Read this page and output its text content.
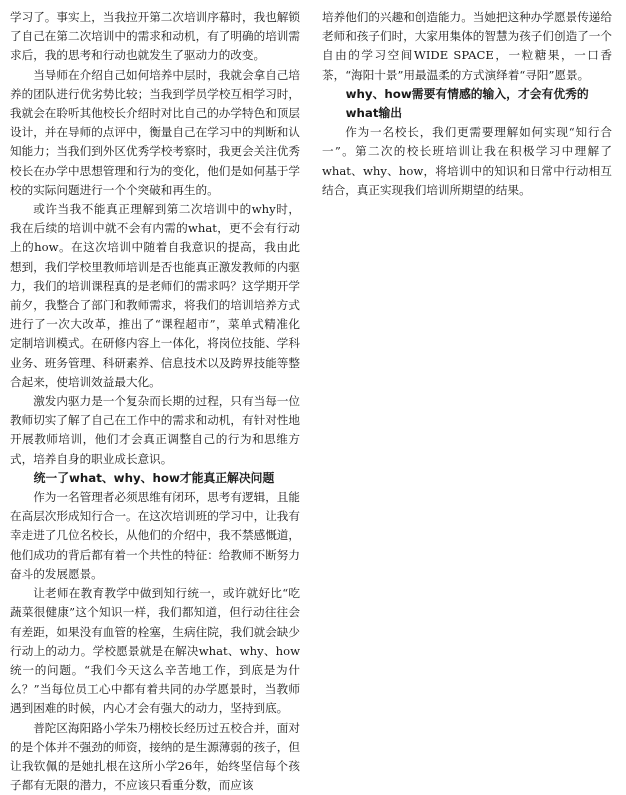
学习了。事实上，当我拉开第二次培训序幕时，我也解锁了自己在第二次培训中的需求和动机，有了明确的培训需求后，我的思考和行动也就发生了驱动力的改变。

当导师在介绍自己如何培养中层时，我就会拿自己培养的团队进行优劣势比较；当我到学员学校互相学习时，我就会在聆听其他校长介绍时对比自己的办学特色和顶层设计，并在导师的点评中，衡量自己在学习中的判断和认知能力；当我们到外区优秀学校考察时，我更会关注优秀校长在办学中思想管理和行为的变化，他们是如何基于学校的实际问题进行一个个突破和再生的。

或许当我不能真正理解到第二次培训中的why时，我在后续的培训中就不会有内需的what，更不会有行动上的how。在这次培训中随着自我意识的提高，我由此想到，我们学校里教师培训是否也能真正激发教师的内驱力，我们的培训课程真的是老师们的需求吗？这学期开学前夕，我整合了部门和教师需求，将我们的培训培养方式进行了一次大改革，推出了“课程超市”，菜单式精准化定制培训模式。在研修内容上一体化，将岗位技能、学科业务、班务管理、科研素养、信息技术以及跨界技能等整合起来，使培训效益最大化。

激发内驱力是一个复杂而长期的过程，只有当每一位教师切实了解了自己在工作中的需求和动机，有针对性地开展教师培训，他们才会真正调整自己的行为和思维方式，培养自身的职业成长意识。

统一了what、why、how才能真正解决问题

作为一名管理者必须思维有闭环，思考有逻辑，且能在高层次形成知行合一。在这次培训班的学习中，让我有幸走进了几位名校长，从他们的介绍中，我不禁感慨道，他们成功的背后都有着一个共性的特征：给教师不断努力奋斗的发展愿景。

让老师在教育教学中做到知行统一，或许就好比“吃蔬菜很健康”这个知识一样，我们都知道，但行动往往会有差距，如果没有血管的栓塞，生病住院，我们就会缺少行动上的动力。学校愿景就是在解决what、why、how统一的问题。“我们今天这么辛苦地工作，到底是为什么？”当每位员工心中都有着共同的办学愿景时，当教师遇到困难的时候，内心才会有强大的动力，坚持到底。

普陀区海阳路小学朱乃栩校长经历过五校合并，面对的是个体并不强劲的师资，接纳的是生源薄弱的孩子，但让我钦佩的是她扎根在这所小学26年，始终坚信每个孩子都有无限的潜力，不应该只看重分数，而应该

培养他们的兴趣和创造能力。当她把这种办学愿景传递给老师和孩子们时，大家用集体的智慧为孩子们创造了一个自由的学习空间WIDE SPACE，一粒糖果，一口香茶，“海阳十景”用最温柔的方式演绎着“寻阳”愿景。

why、how需要有情感的输入，才会有优秀的what输出

作为一名校长，我们更需要理解如何实现“知行合一”。第二次的校长班培训让我在积极学习中理解了what、why、how，将培训中的知识和日常中行动相互结合，真正实现我们培训所期望的结果。
